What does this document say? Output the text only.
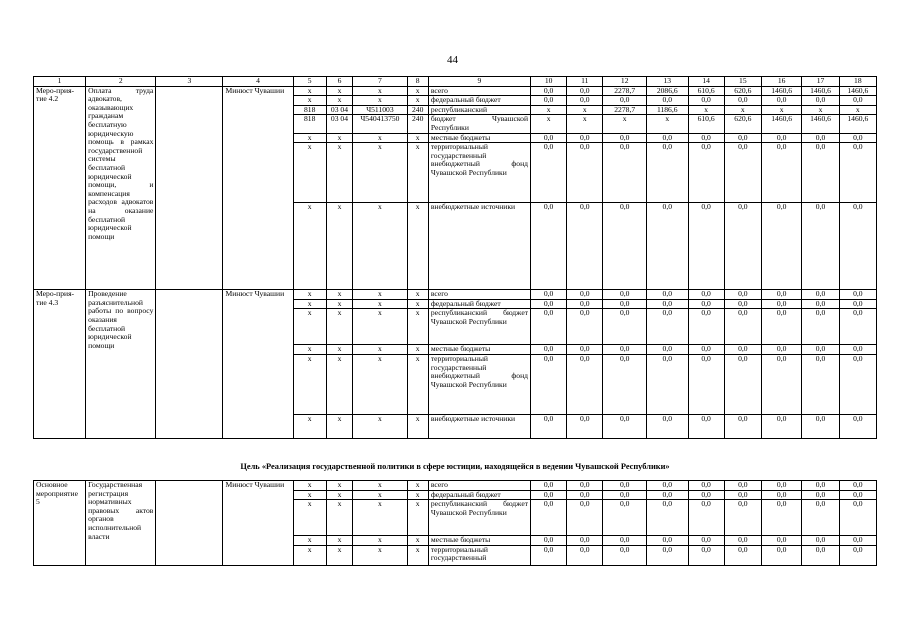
44
1	2	3	4	5	6	7	8	9	10	11	12	13	14	15	16	17	18
Меро-прия-тие 4.2	Оплата труда адвокатов, оказывающих гражданам бесплатную юридическую помощь в рамках государственной системы бесплатной юридической помощи, и компенсация расходов адвокатов на оказание бесплатной юридической помощи		Минюст Чувашии	x	x	x	x	всего	0,0	0,0	2278,7	2086,6	610,6	620,6	1460,6	1460,6	1460,6
				x	x	x	x	федеральный бюджет	0,0	0,0	0,0	0,0	0,0	0,0	0,0	0,0	0,0
				818	03 04	Ч511003	240	республиканский	x	x	2278,7	1186,6	x	x	x	x	x
				818	03 04	Ч540413750	240	бюджет Чувашской Республики	x	x	x	x	610,6	620,6	1460,6	1460,6	1460,6
				x	x	x	x	местные бюджеты	0,0	0,0	0,0	0,0	0,0	0,0	0,0	0,0	0,0
				x	x	x	x	территориальный государственный внебюджетный фонд Чувашской Республики	0,0	0,0	0,0	0,0	0,0	0,0	0,0	0,0	0,0
				x	x	x	x	внебюджетные источники	0,0	0,0	0,0	0,0	0,0	0,0	0,0	0,0	0,0
Меро-прия-тие 4.3	Проведение разъяснительной работы по вопросу оказания бесплатной юридической помощи		Минюст Чувашии	x	x	x	x	всего	0,0	0,0	0,0	0,0	0,0	0,0	0,0	0,0	0,0
				x	x	x	x	федеральный бюджет	0,0	0,0	0,0	0,0	0,0	0,0	0,0	0,0	0,0
				x	x	x	x	республиканский бюджет Чувашской Республики	0,0	0,0	0,0	0,0	0,0	0,0	0,0	0,0	0,0
				x	x	x	x	местные бюджеты	0,0	0,0	0,0	0,0	0,0	0,0	0,0	0,0	0,0
				x	x	x	x	территориальный государственный внебюджетный фонд Чувашской Республики	0,0	0,0	0,0	0,0	0,0	0,0	0,0	0,0	0,0
				x	x	x	x	внебюджетные источники	0,0	0,0	0,0	0,0	0,0	0,0	0,0	0,0	0,0
Цель «Реализация государственной политики в сфере юстиции, находящейся в ведении Чувашской Республики»
Основное мероприятие 5	Государственная регистрация нормативных правовых актов органов исполнительной власти		Минюст Чувашии	x	x	x	x	всего	0,0	0,0	0,0	0,0	0,0	0,0	0,0	0,0	0,0
				x	x	x	x	федеральный бюджет	0,0	0,0	0,0	0,0	0,0	0,0	0,0	0,0	0,0
				x	x	x	x	республиканский бюджет Чувашской Республики	0,0	0,0	0,0	0,0	0,0	0,0	0,0	0,0	0,0
				x	x	x	x	местные бюджеты	0,0	0,0	0,0	0,0	0,0	0,0	0,0	0,0	0,0
				x	x	x	x	территориальный государственный	0,0	0,0	0,0	0,0	0,0	0,0	0,0	0,0	0,0
